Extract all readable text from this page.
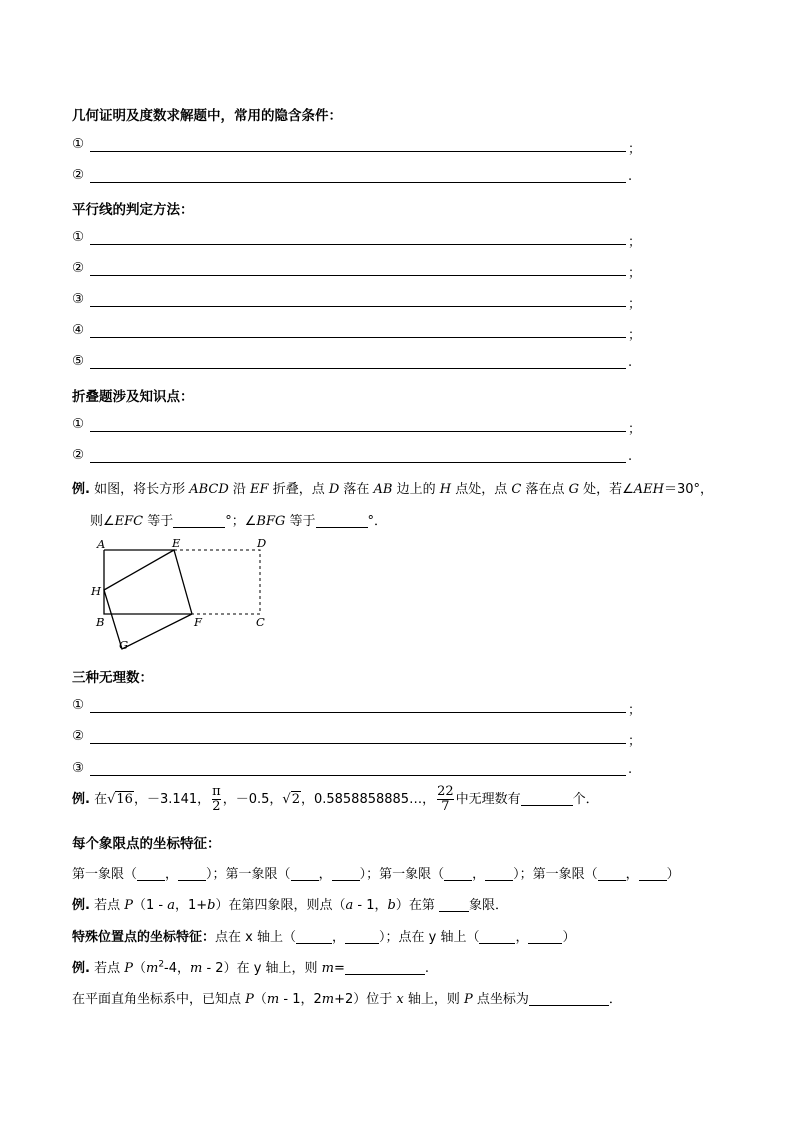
几何证明及度数求解题中，常用的隐含条件：
①	；
②	.
平行线的判定方法：
①	；
②	；
③	；
④	；
⑤	.
折叠题涉及知识点：
①	；
②	.
例. 如图，将长方形 ABCD 沿 EF 折叠，点 D 落在 AB 边上的 H 点处，点 C 落在点 G 处，若∠AEH＝30°，
则∠EFC 等于	°；∠BFG 等于	°．
A	E	D
H
B	F	C
G
三种无理数：
①	；
②	；
③	.
例. 在√16，－3.141， $\frac{\pi}{2}$ ，－0.5，√2，0.5858858885…， $\frac{22}{7}$ 中无理数有	个．
每个象限点的坐标特征：
第一象限（ ， ）；第一象限（ ， ）；第一象限（ ， ）；第一象限（ ， ）
例. 若点 P（1 - a，1+b）在第四象限，则点（a - 1，b）在第 象限．
特殊位置点的坐标特征：点在 x 轴上（	，	）；点在 y 轴上（	，	）
例. 若点 $P(m^2-4$，m - 2）在 y 轴上，则 m=	.
在平面直角坐标系中，已知点 P（m - 1，2m+2）位于 x 轴上，则 P 点坐标为	．
